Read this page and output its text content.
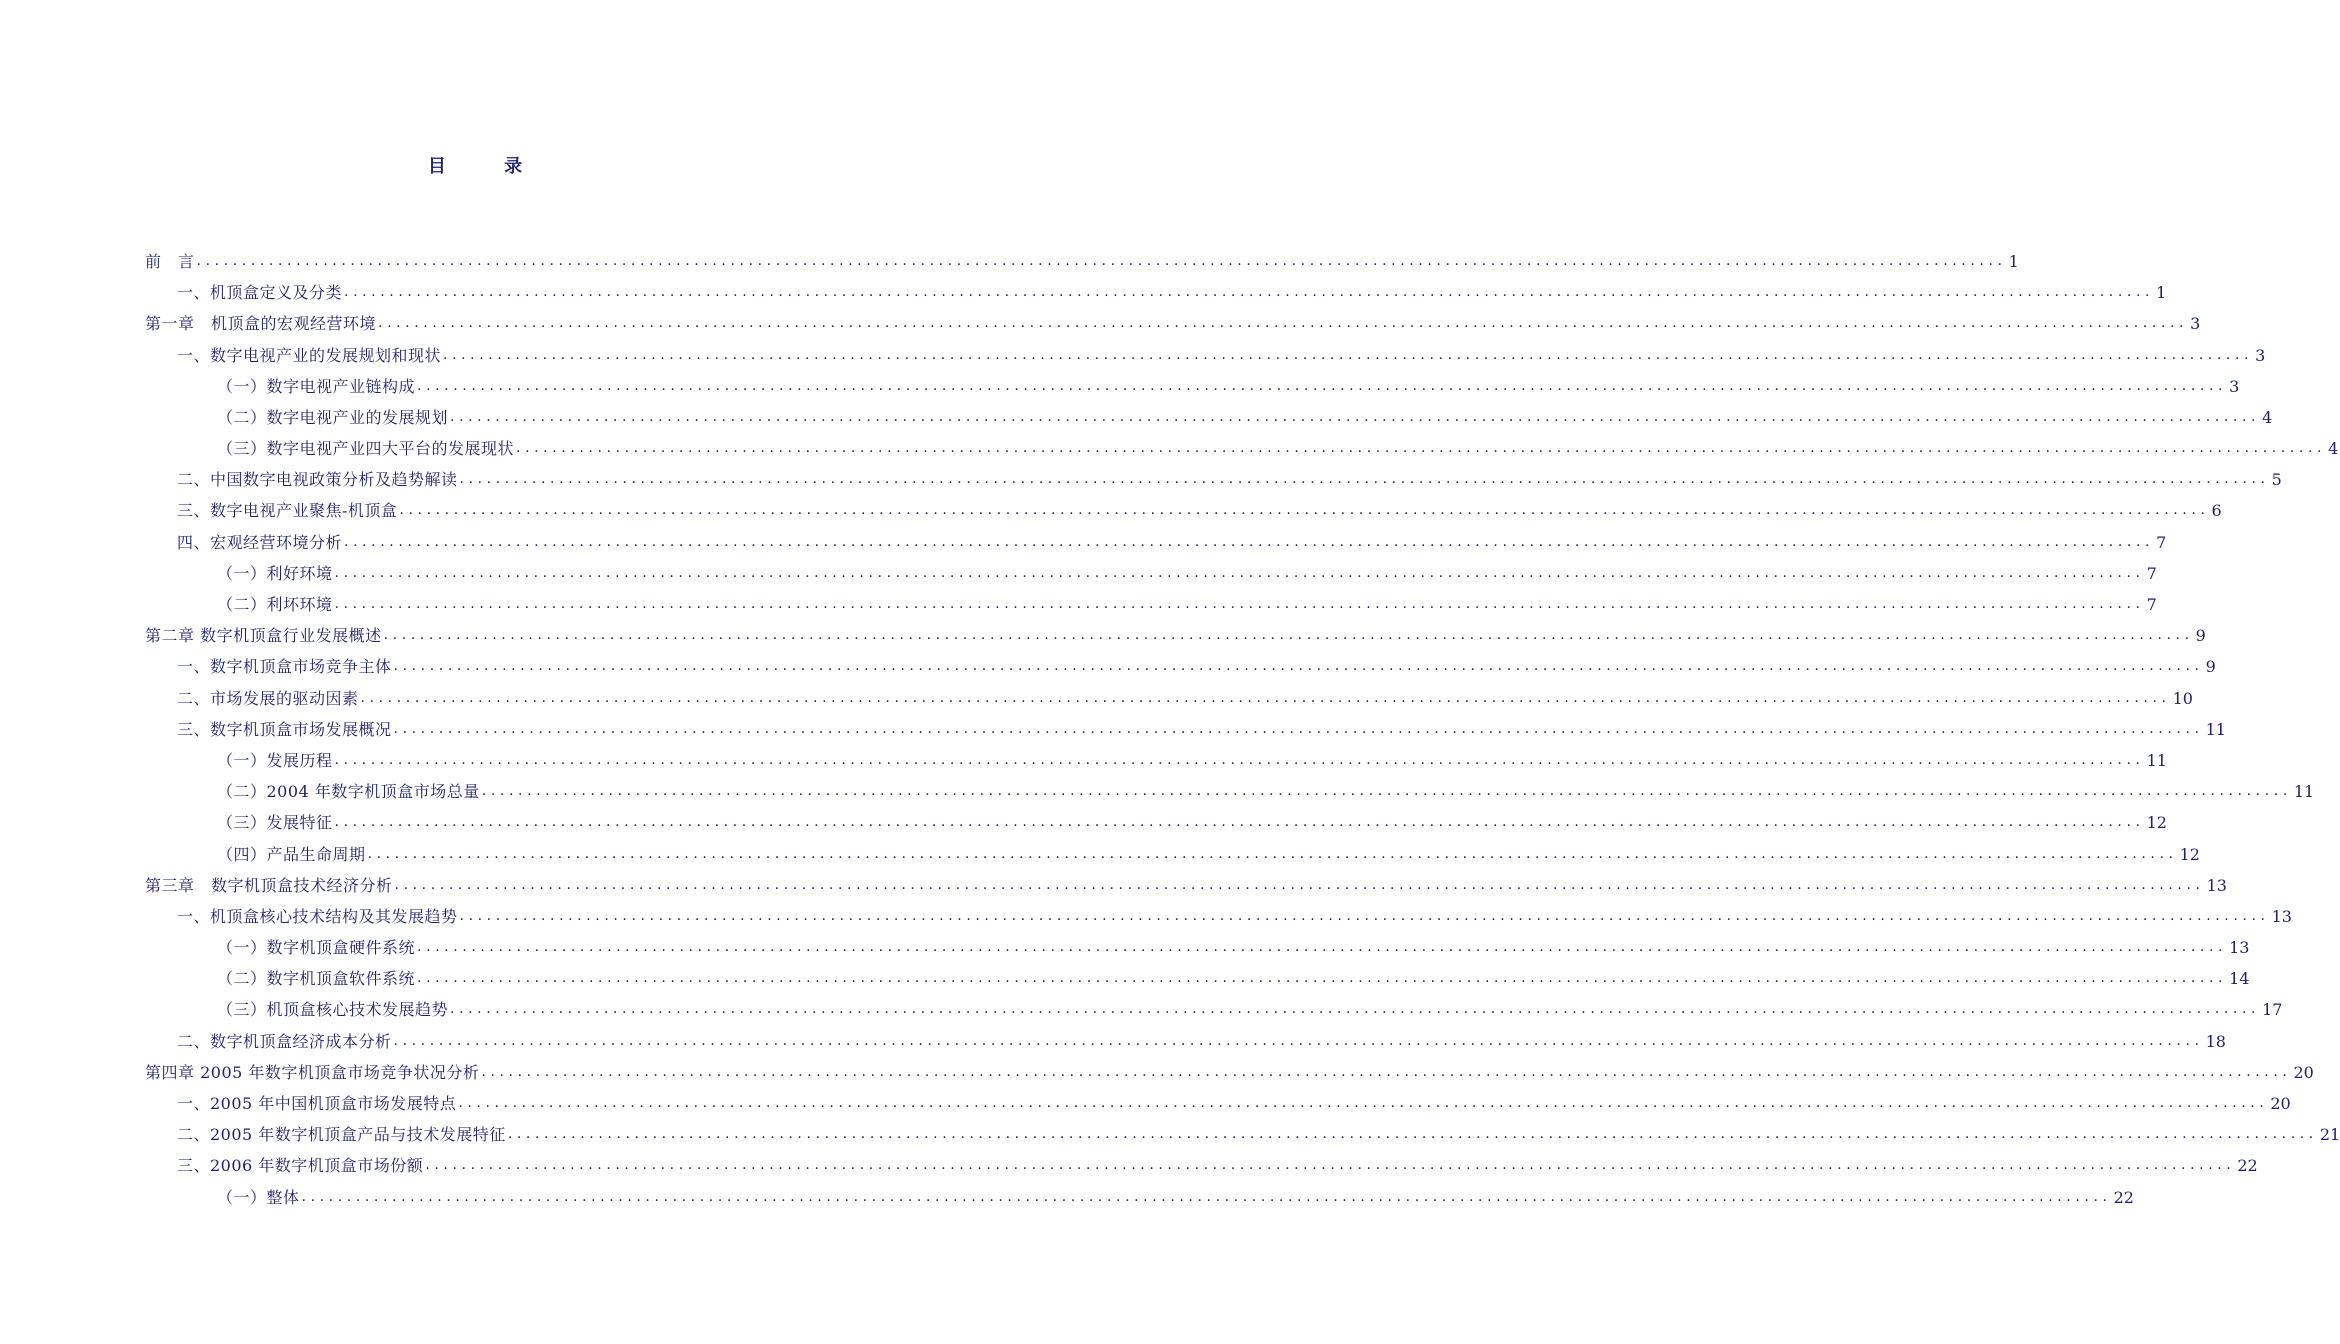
目 录
前　言 ........................................................................................................................................................................................................ 1
一、机顶盒定义及分类 ........................................................................................................................................................................................................ 1
第一章　机顶盒的宏观经营环境 ........................................................................................................................................................................................................ 3
一、数字电视产业的发展规划和现状 ........................................................................................................................................................................................................ 3
（一）数字电视产业链构成 ........................................................................................................................................................................................................ 3
（二）数字电视产业的发展规划 ........................................................................................................................................................................................................ 4
（三）数字电视产业四大平台的发展现状 ........................................................................................................................................................................................................ 4
二、中国数字电视政策分析及趋势解读 ........................................................................................................................................................................................................ 5
三、数字电视产业聚焦-机顶盒 ........................................................................................................................................................................................................ 6
四、宏观经营环境分析 ........................................................................................................................................................................................................ 7
（一）利好环境 ........................................................................................................................................................................................................ 7
（二）利坏环境 ........................................................................................................................................................................................................ 7
第二章 数字机顶盒行业发展概述 ........................................................................................................................................................................................................ 9
一、数字机顶盒市场竞争主体 ........................................................................................................................................................................................................ 9
二、市场发展的驱动因素 ........................................................................................................................................................................................................ 10
三、数字机顶盒市场发展概况 ........................................................................................................................................................................................................ 11
（一）发展历程 ........................................................................................................................................................................................................ 11
（二）2004 年数字机顶盒市场总量 ........................................................................................................................................................................................................ 11
（三）发展特征 ........................................................................................................................................................................................................ 12
（四）产品生命周期 ........................................................................................................................................................................................................ 12
第三章　数字机顶盒技术经济分析 ........................................................................................................................................................................................................ 13
一、机顶盒核心技术结构及其发展趋势 ........................................................................................................................................................................................................ 13
（一）数字机顶盒硬件系统 ........................................................................................................................................................................................................ 13
（二）数字机顶盒软件系统 ........................................................................................................................................................................................................ 14
（三）机顶盒核心技术发展趋势 ........................................................................................................................................................................................................ 17
二、数字机顶盒经济成本分析 ........................................................................................................................................................................................................ 18
第四章 2005 年数字机顶盒市场竞争状况分析 ........................................................................................................................................................................................................ 20
一、2005 年中国机顶盒市场发展特点 ........................................................................................................................................................................................................ 20
二、2005 年数字机顶盒产品与技术发展特征 ........................................................................................................................................................................................................ 21
三、2006 年数字机顶盒市场份额 ........................................................................................................................................................................................................ 22
（一）整体 ........................................................................................................................................................................................................ 22
